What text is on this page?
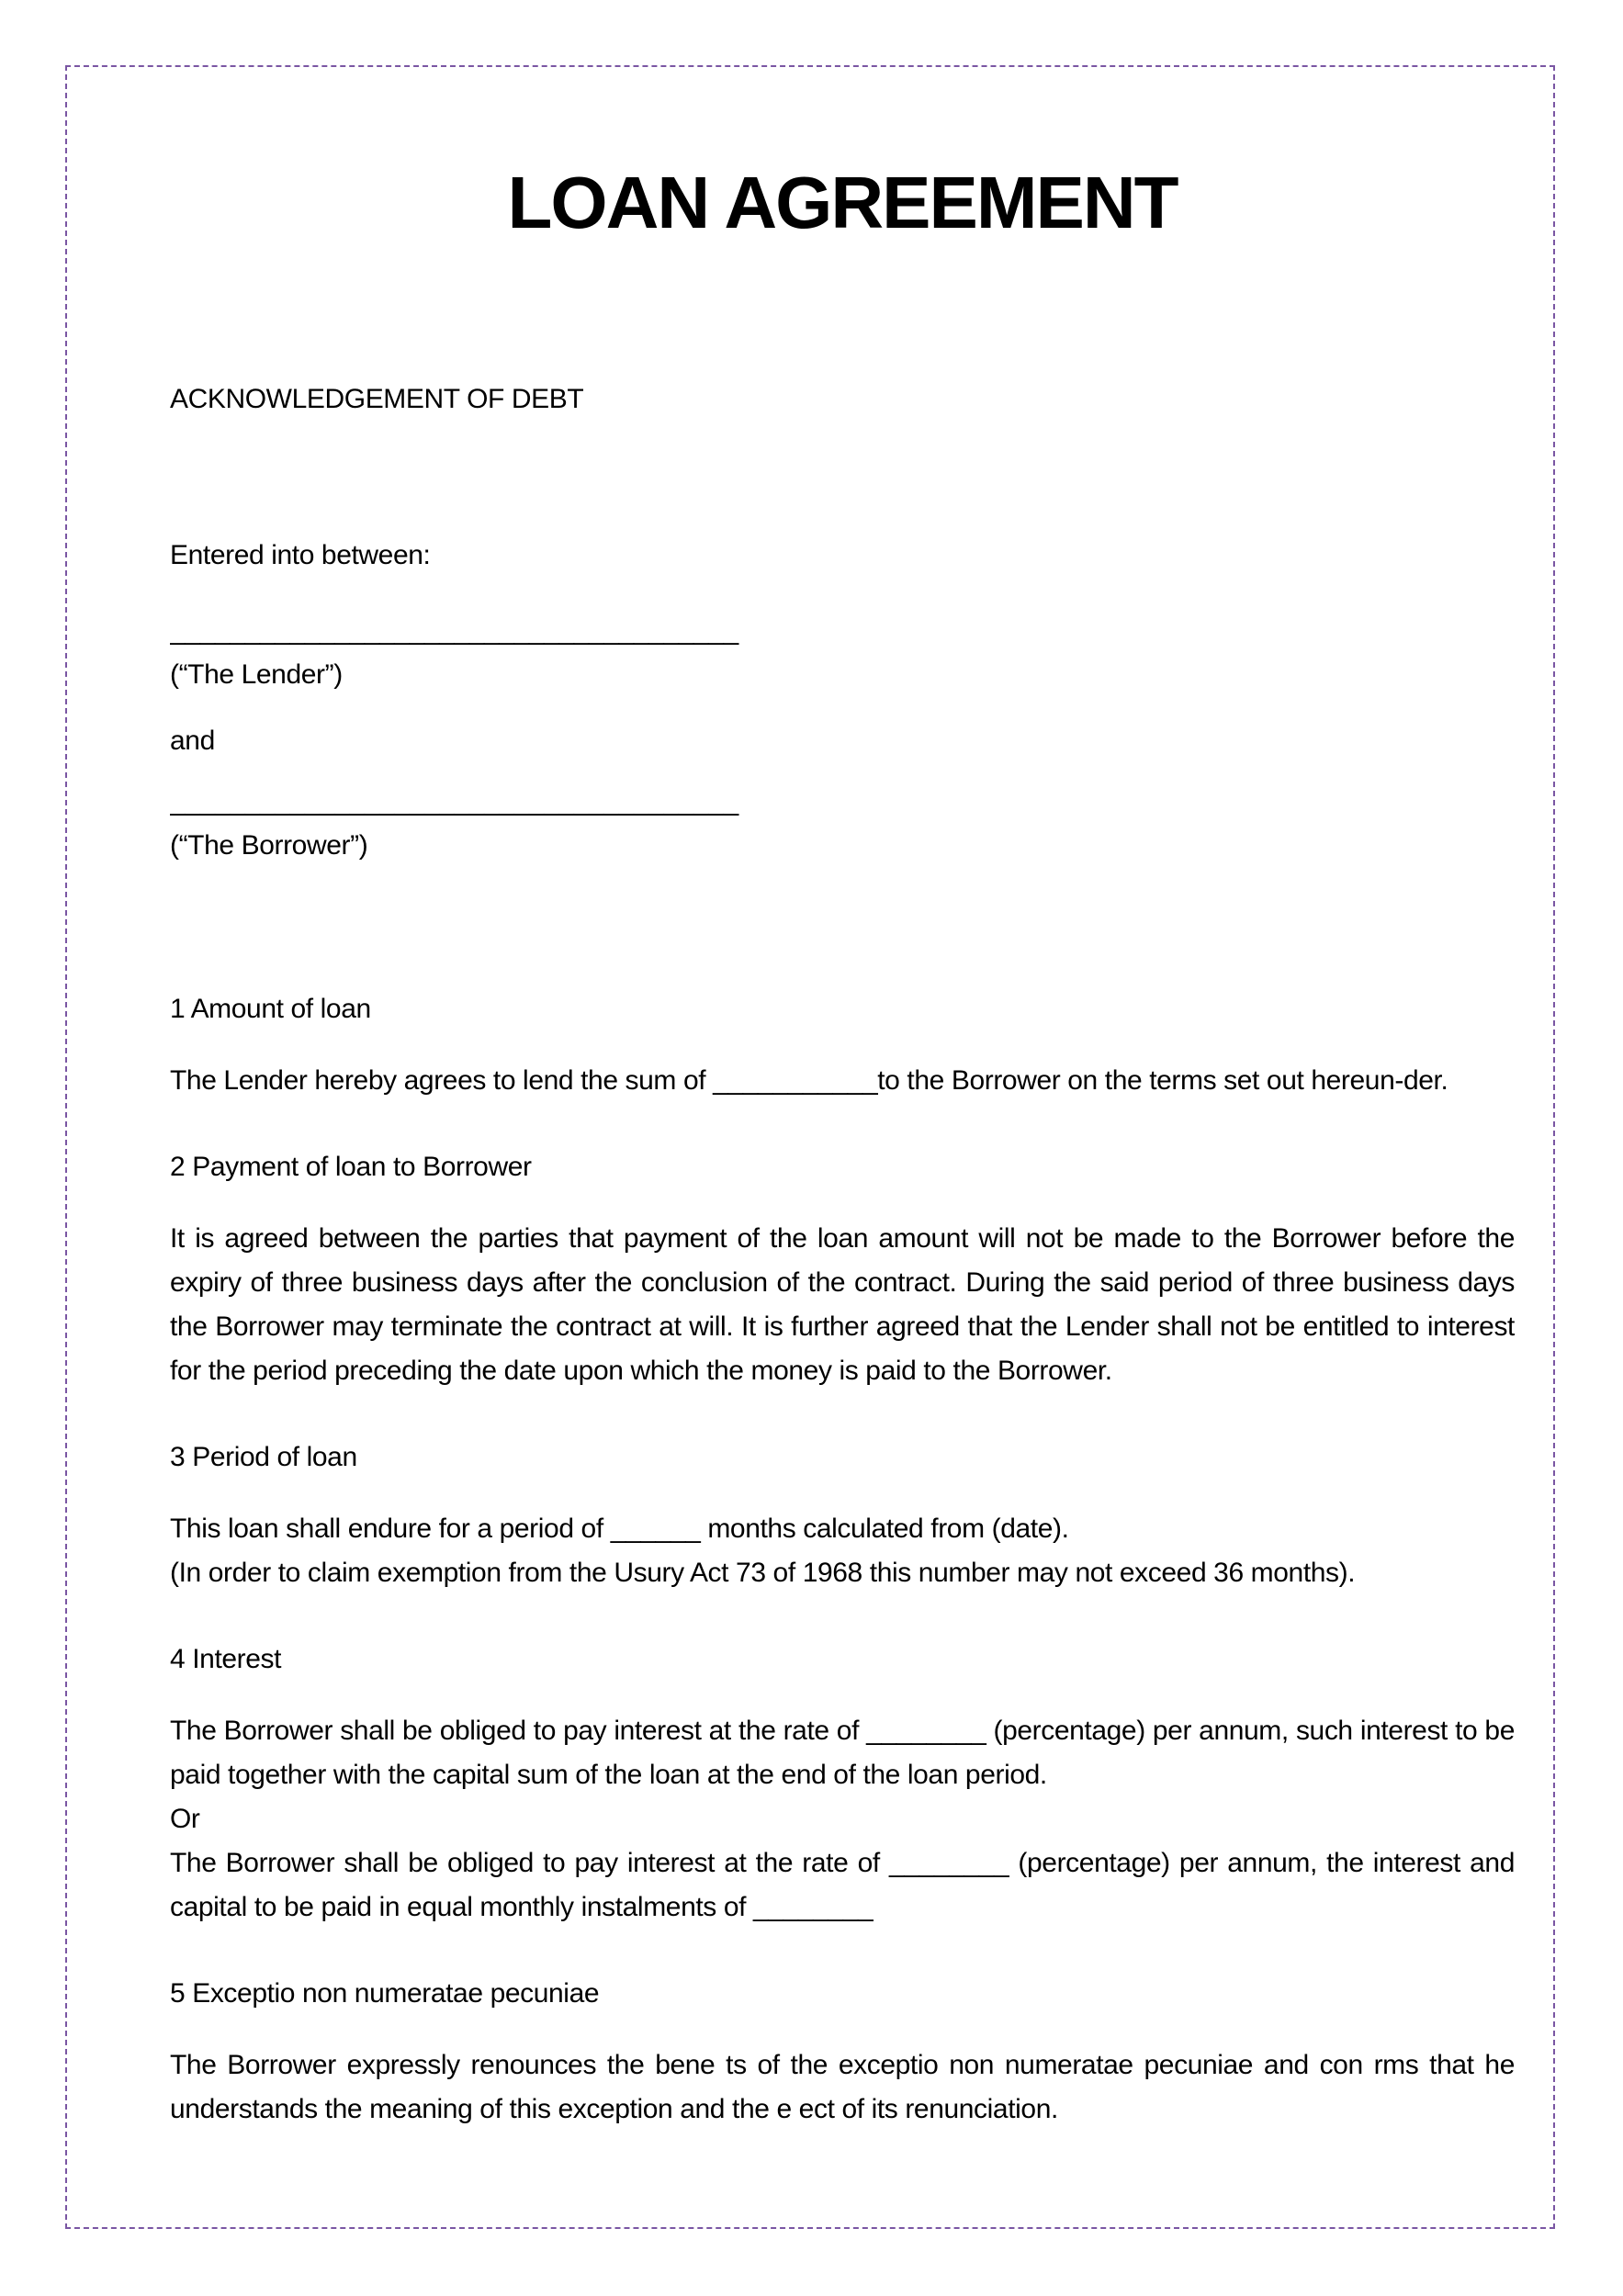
LOAN AGREEMENT
ACKNOWLEDGEMENT OF DEBT
Entered into between:
______________________________________
(“The Lender”)
and
______________________________________
(“The Borrower”)
1 Amount of loan
The Lender hereby agrees to lend the sum of ___________to the Borrower on the terms set out hereun-der.
2 Payment of loan to Borrower
It is agreed between the parties that payment of the loan amount will not be made to the Borrower before the expiry of three business days after the conclusion of the contract. During the said period of three business days the Borrower may terminate the contract at will. It is further agreed that the Lender shall not be entitled to interest for the period preceding the date upon which the money is paid to the Borrower.
3 Period of loan
This loan shall endure for a period of ______ months calculated from (date).
(In order to claim exemption from the Usury Act 73 of 1968 this number may not exceed 36 months).
4 Interest
The Borrower shall be obliged to pay interest at the rate of ________ (percentage) per annum, such interest to be paid together with the capital sum of the loan at the end of the loan period.
Or
The Borrower shall be obliged to pay interest at the rate of ________ (percentage) per annum, the interest and capital to be paid in equal monthly instalments of ________
5 Exceptio non numeratae pecuniae
The Borrower expressly renounces the bene ts of the exceptio non numeratae pecuniae and con rms that he understands the meaning of this exception and the e ect of its renunciation.
